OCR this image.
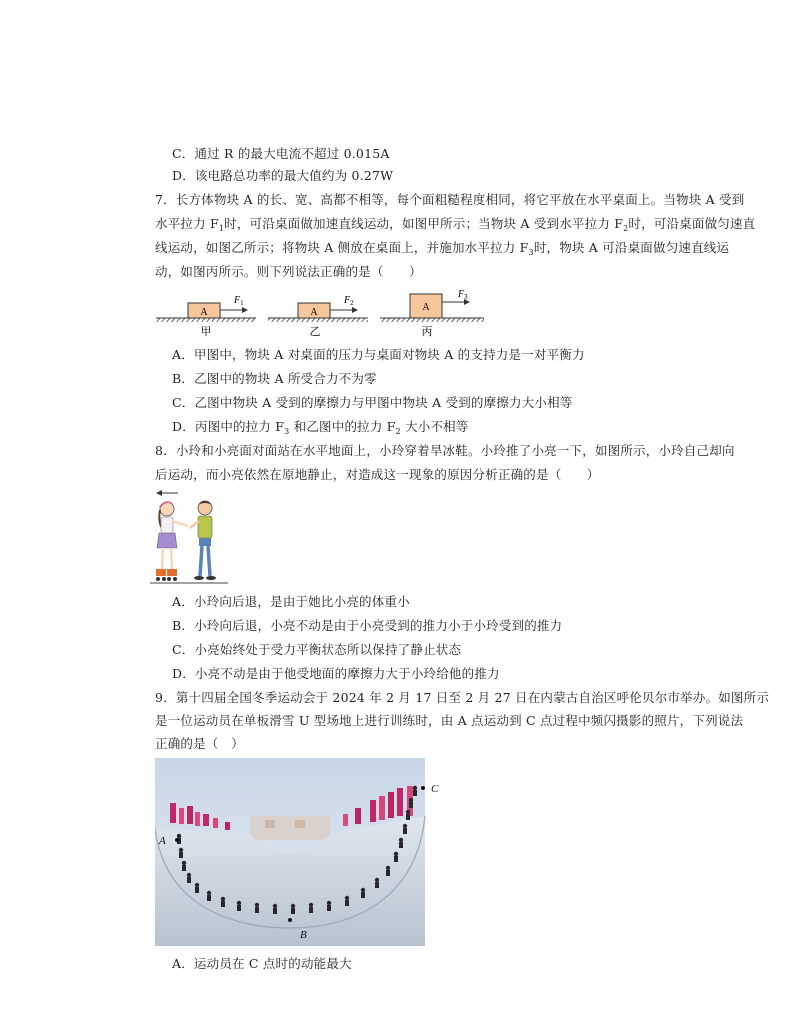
C．通过 R 的最大电流不超过 0.015A
D．该电路总功率的最大值约为 0.27W
7．长方体物块 A 的长、宽、高都不相等，每个面粗糙程度相同，将它平放在水平桌面上。当物块 A 受到
水平拉力 $F_1$时，可沿桌面做加速直线运动，如图甲所示；当物块 A 受到水平拉力 $F_2$时，可沿桌面做匀速直
线运动，如图乙所示；将物块 A 侧放在桌面上，并施加水平拉力 $F_3$时，物块 A 可沿桌面做匀速直线运
动，如图丙所示。则下列说法正确的是（　　）
A
$F_1$
甲
A
$F_2$
乙
A
$F_3$
丙
A．甲图中，物块 A 对桌面的压力与桌面对物块 A 的支持力是一对平衡力
B．乙图中的物块 A 所受合力不为零
C．乙图中物块 A 受到的摩擦力与甲图中物块 A 受到的摩擦力大小相等
D．丙图中的拉力 $F_3$ 和乙图中的拉力 $F_2$ 大小不相等
8．小玲和小亮面对面站在水平地面上，小玲穿着旱冰鞋。小玲推了小亮一下，如图所示，小玲自己却向
后运动，而小亮依然在原地静止，对造成这一现象的原因分析正确的是（　　）
A．小玲向后退，是由于她比小亮的体重小
B．小玲向后退，小亮不动是由于小亮受到的推力小于小玲受到的推力
C．小亮始终处于受力平衡状态所以保持了静止状态
D．小亮不动是由于他受地面的摩擦力大于小玲给他的推力
9．第十四届全国冬季运动会于 2024 年 2 月 17 日至 2 月 27 日在内蒙古自治区呼伦贝尔市举办。如图所示
是一位运动员在单板滑雪 U 型场地上进行训练时，由 A 点运动到 C 点过程中频闪摄影的照片，下列说法
正确的是（　）
A
B
C
A．运动员在 C 点时的动能最大
